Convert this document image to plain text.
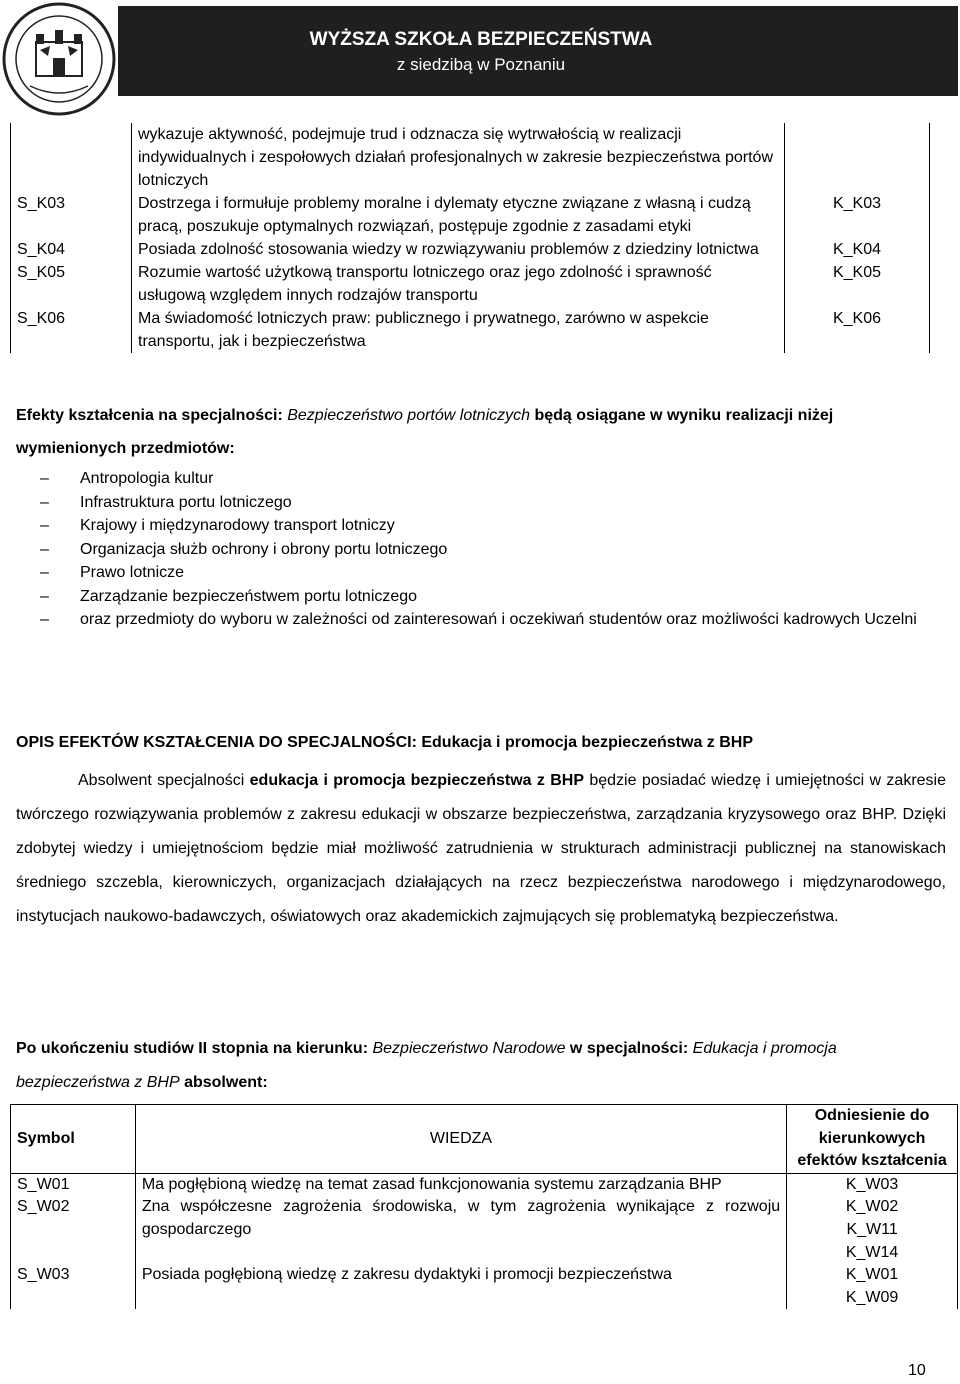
WYŻSZA SZKOŁA BEZPIECZEŃSTWA
z siedzibą w Poznaniu
	wykazuje aktywność, podejmuje trud i odznacza się wytrwałością w realizacji indywidualnych i zespołowych działań profesjonalnych w zakresie bezpieczeństwa portów lotniczych	
S_K03	Dostrzega i formułuje problemy moralne i dylematy etyczne związane z własną i cudzą pracą, poszukuje optymalnych rozwiązań, postępuje zgodnie z zasadami etyki	K_K03
S_K04	Posiada zdolność stosowania wiedzy w rozwiązywaniu problemów z dziedziny lotnictwa	K_K04
S_K05	Rozumie wartość użytkową transportu lotniczego oraz jego zdolność i sprawność usługową względem innych rodzajów transportu	K_K05
S_K06	Ma świadomość lotniczych praw: publicznego i prywatnego, zarówno w aspekcie transportu, jak i bezpieczeństwa	K_K06
Efekty kształcenia na specjalności: Bezpieczeństwo portów lotniczych będą osiągane w wyniku realizacji niżej wymienionych przedmiotów:
–	Antropologia kultur
–	Infrastruktura portu lotniczego
–	Krajowy i międzynarodowy transport lotniczy
–	Organizacja służb ochrony i obrony portu lotniczego
–	Prawo lotnicze
–	Zarządzanie bezpieczeństwem portu lotniczego
–	oraz przedmioty do wyboru w zależności od zainteresowań i oczekiwań studentów oraz możliwości kadrowych Uczelni
OPIS EFEKTÓW KSZTAŁCENIA DO SPECJALNOŚCI: Edukacja i promocja bezpieczeństwa z BHP

Absolwent specjalności edukacja i promocja bezpieczeństwa z BHP będzie posiadać wiedzę i umiejętności w zakresie twórczego rozwiązywania problemów z zakresu edukacji w obszarze bezpieczeństwa, zarządzania kryzysowego oraz BHP. Dzięki zdobytej wiedzy i umiejętnościom będzie miał możliwość zatrudnienia w strukturach administracji publicznej na stanowiskach średniego szczebla, kierowniczych, organizacjach działających na rzecz bezpieczeństwa narodowego i międzynarodowego, instytucjach naukowo-badawczych, oświatowych oraz akademickich zajmujących się problematyką bezpieczeństwa.

Po ukończeniu studiów II stopnia na kierunku: Bezpieczeństwo Narodowe w specjalności: Edukacja i promocja bezpieczeństwa z BHP absolwent:

Symbol	WIEDZA	Odniesienie do kierunkowych efektów kształcenia
S_W01	Ma pogłębioną wiedzę na temat zasad funkcjonowania systemu zarządzania BHP	K_W03

S_W02	Zna współczesne zagrożenia środowiska, w tym zagrożenia wynikające z rozwoju gospodarczego	K_W02
K_W11
K_W14

S_W03	Posiada pogłębioną wiedzę z zakresu dydaktyki i promocji bezpieczeństwa	K_W01
K_W09
10
